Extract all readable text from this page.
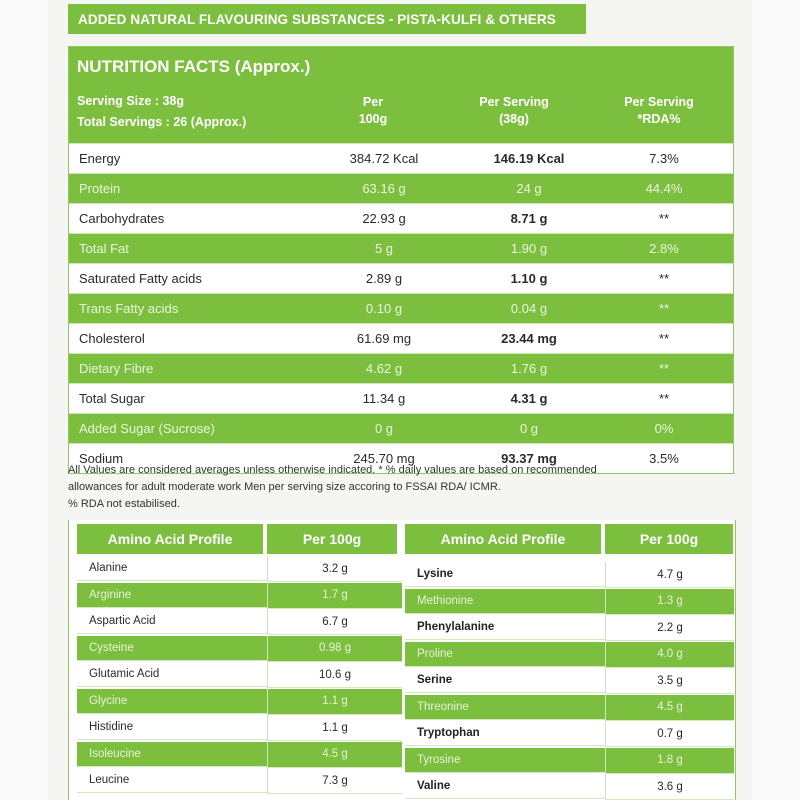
ADDED NATURAL FLAVOURING SUBSTANCES - PISTA-KULFI & OTHERS
NUTRITION FACTS (Approx.)
Serving Size : 38g
Total Servings : 26 (Approx.)
Per
100g
Per Serving
(38g)
Per Serving
*RDA%
Energy	384.72 Kcal	146.19 Kcal	7.3%
Protein	63.16 g	24 g	44.4%
Carbohydrates	22.93 g	8.71 g	**
Total Fat	5 g	1.90 g	2.8%
Saturated Fatty acids	2.89 g	1.10 g	**
Trans Fatty acids	0.10 g	0.04 g	**
Cholesterol	61.69 mg	23.44 mg	**
Dietary Fibre	4.62 g	1.76 g	**
Total Sugar	11.34 g	4.31 g	**
Added Sugar (Sucrose)	0 g	0 g	0%
Sodium	245.70 mg	93.37 mg	3.5%
All Values are considered averages unless otherwise indicated. * % daily values are based on recommended
allowances for adult moderate work Men per serving size accoring to FSSAI RDA/ ICMR.
% RDA not estabilised.
Amino Acid Profile	Per 100g	Amino Acid Profile	Per 100g
Alanine	3.2 g
Arginine	1.7 g
Aspartic Acid	6.7 g
Cysteine	0.98 g
Glutamic Acid	10.6 g
Glycine	1.1 g
Histidine	1.1 g
Isoleucine	4.5 g
Leucine	7.3 g
Lysine	4.7 g
Methionine	1.3 g
Phenylalanine	2.2 g
Proline	4.0 g
Serine	3.5 g
Threonine	4.5 g
Tryptophan	0.7 g
Tyrosine	1.8 g
Valine	3.6 g
